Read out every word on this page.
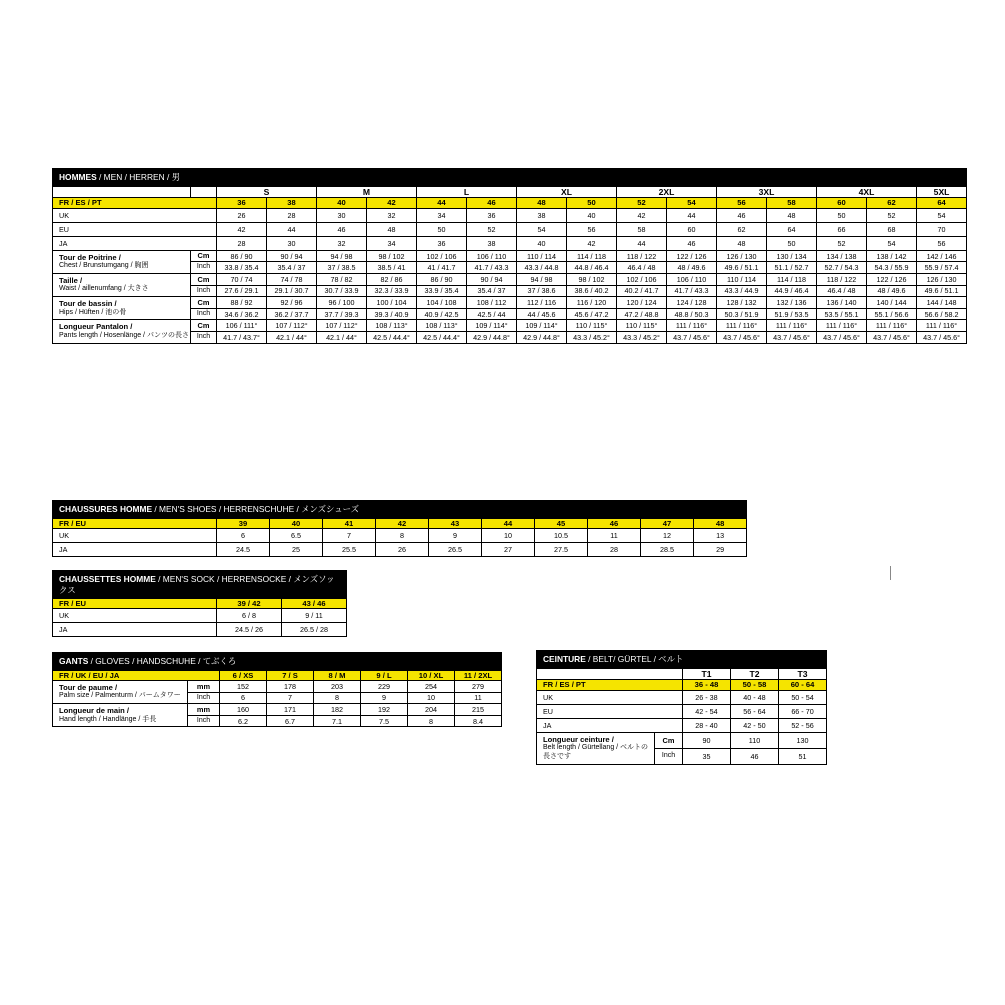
HOMMES / MEN / HERREN / 男																
		S		M		L		XL		2XL		3XL		4XL		5XL
FR / ES / PT		36	38	40	42	44	46	48	50	52	54	56	58	60	62	64
UK		26	28	30	32	34	36	38	40	42	44	46	48	50	52	54
EU		42	44	46	48	50	52	54	56	58	60	62	64	66	68	70
JA		28	30	32	34	36	38	40	42	44	46	48	50	52	54	56

Tour de Poitrine /
Chest / Brunstumgang / 胸囲	Cm	86 / 90	90 / 94	94 / 98	98 / 102	102 / 106	106 / 110	110 / 114	114 / 118	118 / 122	122 / 126	126 / 130	130 / 134	134 / 138	138 / 142	142 / 146
	Inch	33.8 / 35.4	35.4 / 37	37 / 38.5	38.5 / 41	41 / 41.7	41.7 / 43.3	43.3 / 44.8	44.8 / 46.4	46.4 / 48	48 / 49.6	49.6 / 51.1	51.1 / 52.7	52.7 / 54.3	54.3 / 55.9	55.9 / 57.4

Taille /
Waist / aillenumfang / 大きさ	Cm	70 / 74	74 / 78	78 / 82	82 / 86	86 / 90	90 / 94	94 / 98	98 / 102	102 / 106	106 / 110	110 / 114	114 / 118	118 / 122	122 / 126	126 / 130
	Inch	27.6 / 29.1	29.1 / 30.7	30.7 / 33.9	32.3 / 33.9	33.9 / 35.4	35.4 / 37	37 / 38.6	38.6 / 40.2	40.2 / 41.7	41.7 / 43.3	43.3 / 44.9	44.9 / 46.4	46.4 / 48	48 / 49.6	49.6 / 51.1

Tour de bassin /
Hips / Hüften / 池の骨	Cm	88 / 92	92 / 96	96 / 100	100 / 104	104 / 108	108 / 112	112 / 116	116 / 120	120 / 124	124 / 128	128 / 132	132 / 136	136 / 140	140 / 144	144 / 148
	Inch	34.6 / 36.2	36.2 / 37.7	37.7 / 39.3	39.3 / 40.9	40.9 / 42.5	42.5 / 44	44 / 45.6	45.6 / 47.2	47.2 / 48.8	48.8 / 50.3	50.3 / 51.9	51.9 / 53.5	53.5 / 55.1	55.1 / 56.6	56.6 / 58.2

Longueur Pantalon /
Pants length / Hosenlänge / パンツの長さ	Cm	106 / 111°	107 / 112°	107 / 112°	108 / 113°	108 / 113°	109 / 114°	109 / 114°	110 / 115°	110 / 115°	111 / 116°	111 / 116°	111 / 116°	111 / 116°	111 / 116°	111 / 116°
	Inch	41.7 / 43.7°	42.1 / 44°	42.1 / 44°	42.5 / 44.4°	42.5 / 44.4°	42.9 / 44.8°	42.9 / 44.8°	43.3 / 45.2°	43.3 / 45.2°	43.7 / 45.6°	43.7 / 45.6°	43.7 / 45.6°	43.7 / 45.6°	43.7 / 45.6°	43.7 / 45.6°
CHAUSSURES HOMME / MEN'S SHOES / HERRENSCHUHE / メンズシューズ										
FR / EU	39	40	41	42	43	44	45	46	47	48
UK	6	6.5	7	8	9	10	10.5	11	12	13
JA	24.5	25	25.5	26	26.5	27	27.5	28	28.5	29
CHAUSSETTES HOMME / MEN'S SOCK / HERRENSOCKE / メンズソックス		
FR / EU	39 / 42	43 / 46
UK	6 / 8	9 / 11
JA	24.5 / 26	26.5 / 28
GANTS / GLOVES / HANDSCHUHE / てぶくろ							
FR / UK / EU / JA		6 / XS	7 / S	8 / M	9 / L	10 / XL	11 / 2XL

Tour de paume /
Palm size / Palmenturm / パームタワー	mm	152	178	203	229	254	279
	Inch	6	7	8	9	10	11

Longueur de main /
Hand length / Handlänge / 手長	mm	160	171	182	192	204	215
	Inch	6.2	6.7	7.1	7.5	8	8.4
CEINTURE / BELT/ GÜRTEL / ベルト				
		T1	T2	T3
FR / ES / PT		36 - 48	50 - 58	60 - 64
UK		26 - 38	40 - 48	50 - 54
EU		42 - 54	56 - 64	66 - 70
JA		28 - 40	42 - 50	52 - 56

Longueur ceinture /
Belt length / Gürtellang / ベルトの長さです	Cm	90	110	130
	Inch	35	46	51
